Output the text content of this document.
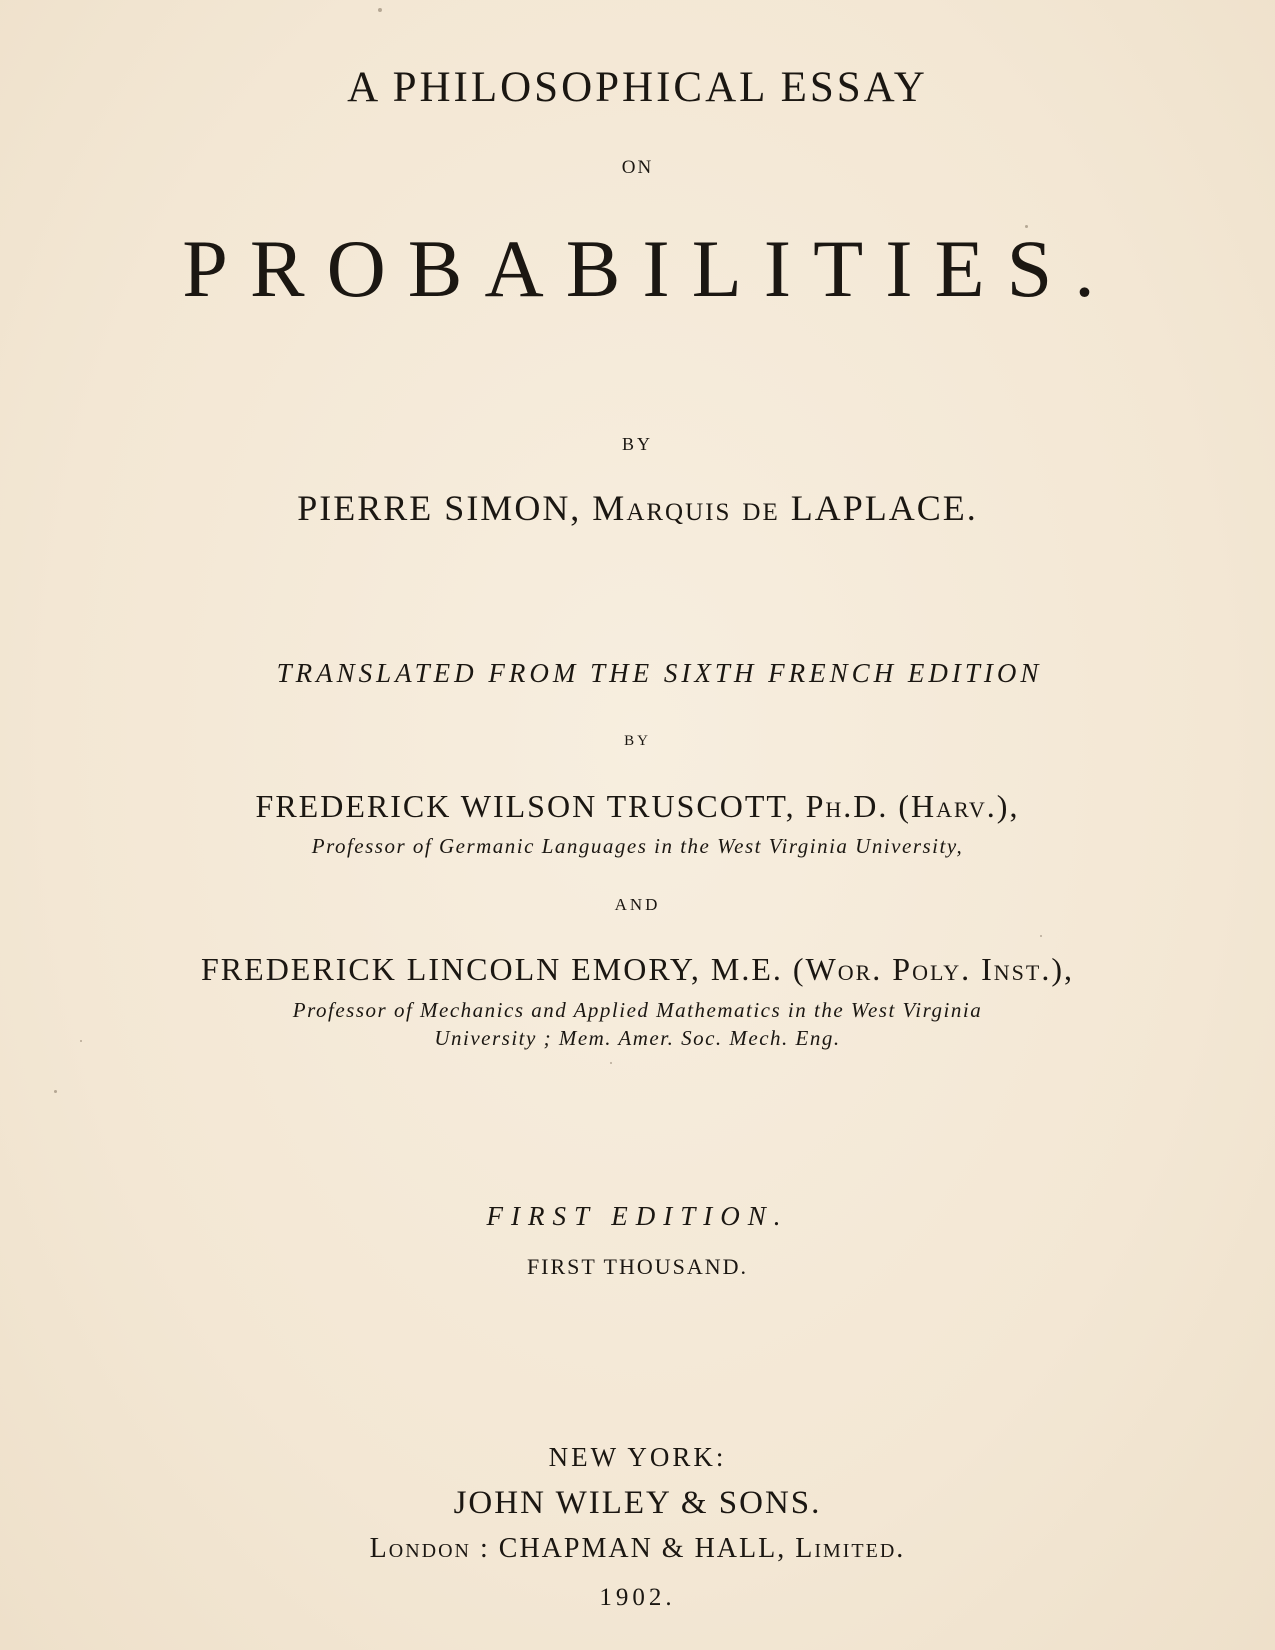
A PHILOSOPHICAL ESSAY
ON
PROBABILITIES.
BY
PIERRE SIMON, Marquis de LAPLACE.
TRANSLATED FROM THE SIXTH FRENCH EDITION
BY
FREDERICK WILSON TRUSCOTT, Ph.D. (Harv.),
Professor of Germanic Languages in the West Virginia University,
AND
FREDERICK LINCOLN EMORY, M.E. (Wor. Poly. Inst.),
Professor of Mechanics and Applied Mathematics in the West Virginia
University ; Mem. Amer. Soc. Mech. Eng.
FIRST EDITION.
FIRST THOUSAND.
NEW YORK:
JOHN WILEY & SONS.
London : CHAPMAN & HALL, Limited.
1902.
